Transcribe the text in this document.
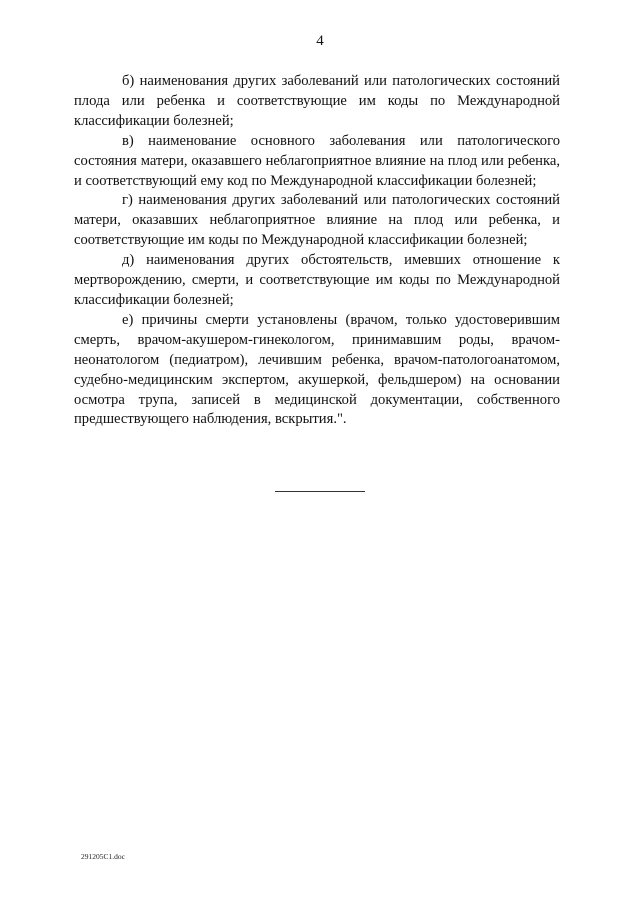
4

б) наименования других заболеваний или патологических состояний плода или ребенка и соответствующие им коды по Международной классификации болезней;

в) наименование основного заболевания или патологического состояния матери, оказавшего неблагоприятное влияние на плод или ребенка, и соответствующий ему код по Международной классификации болезней;

г) наименования других заболеваний или патологических состояний матери, оказавших неблагоприятное влияние на плод или ребенка, и соответствующие им коды по Международной классификации болезней;

д) наименования других обстоятельств, имевших отношение к мертворождению, смерти, и соответствующие им коды по Международной классификации болезней;

е) причины смерти установлены (врачом, только удостоверившим смерть, врачом-акушером-гинекологом, принимавшим роды, врачом-неонатологом (педиатром), лечившим ребенка, врачом-патологоанатомом, судебно-медицинским экспертом, акушеркой, фельдшером) на основании осмотра трупа, записей в медицинской документации, собственного предшествующего наблюдения, вскрытия.".

291205С1.doc
